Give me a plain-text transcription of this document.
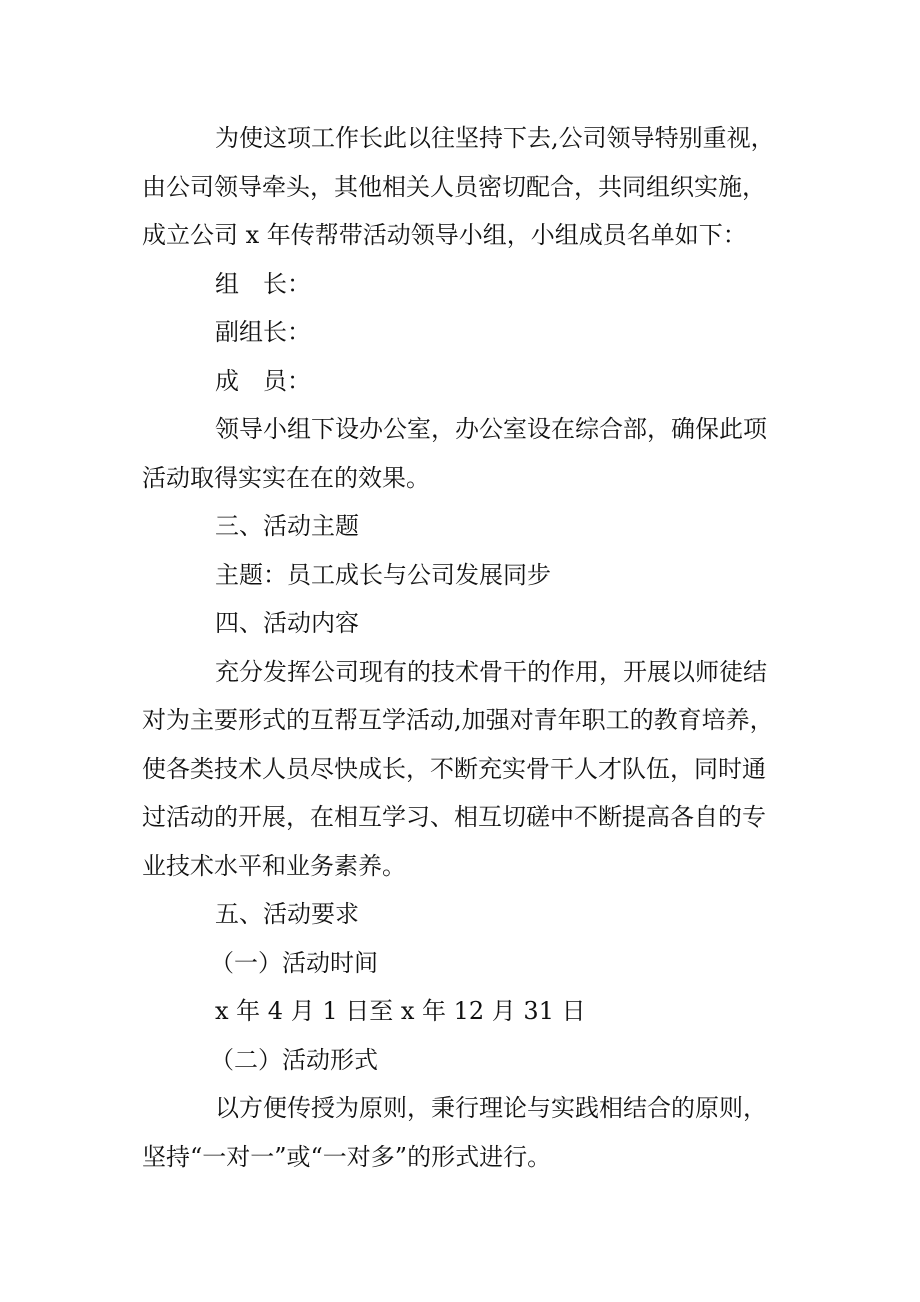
为使这项工作长此以往坚持下去,公司领导特别重视，
由公司领导牵头，其他相关人员密切配合，共同组织实施，
成立公司 x 年传帮带活动领导小组，小组成员名单如下：
组　长：
副组长：
成　员：
领导小组下设办公室，办公室设在综合部，确保此项
活动取得实实在在的效果。
三、活动主题
主题：员工成长与公司发展同步
四、活动内容
充分发挥公司现有的技术骨干的作用，开展以师徒结
对为主要形式的互帮互学活动,加强对青年职工的教育培养，
使各类技术人员尽快成长，不断充实骨干人才队伍，同时通
过活动的开展，在相互学习、相互切磋中不断提高各自的专
业技术水平和业务素养。
五、活动要求
（一）活动时间
x 年 4 月 1 日至 x 年 12 月 31 日
（二）活动形式
以方便传授为原则，秉行理论与实践相结合的原则，
坚持“一对一”或“一对多”的形式进行。
